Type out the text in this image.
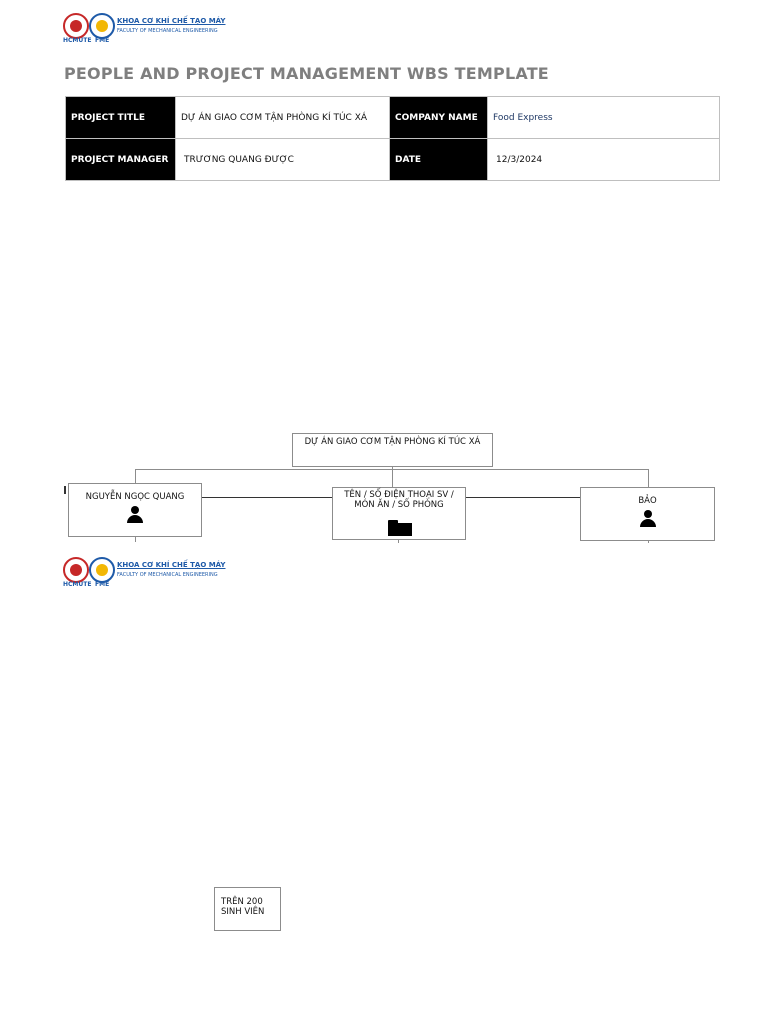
HCMUTE FME
KHOA CƠ KHÍ CHẾ TẠO MÁY
FACULTY OF MECHANICAL ENGINEERING
PEOPLE AND PROJECT MANAGEMENT WBS TEMPLATE
PROJECT TITLE	DỰ ÁN GIAO CƠM TẬN PHÒNG KÍ TÚC XÁ	COMPANY NAME	Food Express
PROJECT MANAGER	TRƯƠNG QUANG ĐƯỢC	DATE	12/3/2024
DỰ ÁN GIAO CƠM TẬN PHÒNG KÍ TÚC XÁ
NGUYỄN NGỌC QUANG	TÊN / SỐ ĐIỆN THOẠI SV / MÓN ĂN / SỐ PHÒNG	BẢO
HCMUTE FME
KHOA CƠ KHÍ CHẾ TẠO MÁY
FACULTY OF MECHANICAL ENGINEERING
TRÊN 200 SINH VIÊN
